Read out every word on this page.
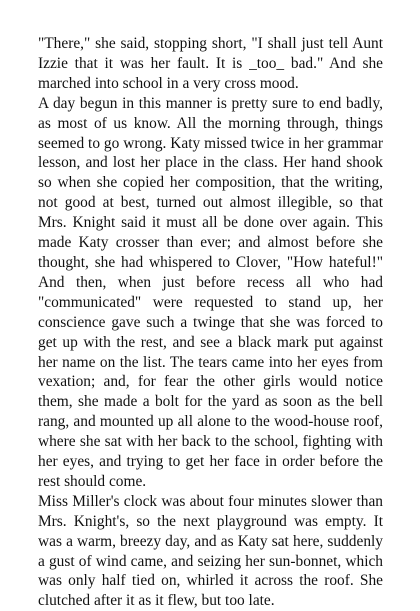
"There," she said, stopping short, "I shall just tell Aunt Izzie that it was her fault. It is _too_ bad." And she marched into school in a very cross mood.

A day begun in this manner is pretty sure to end badly, as most of us know. All the morning through, things seemed to go wrong. Katy missed twice in her grammar lesson, and lost her place in the class. Her hand shook so when she copied her composition, that the writing, not good at best, turned out almost illegible, so that Mrs. Knight said it must all be done over again. This made Katy crosser than ever; and almost before she thought, she had whispered to Clover, "How hateful!" And then, when just before recess all who had "communicated" were requested to stand up, her conscience gave such a twinge that she was forced to get up with the rest, and see a black mark put against her name on the list. The tears came into her eyes from vexation; and, for fear the other girls would notice them, she made a bolt for the yard as soon as the bell rang, and mounted up all alone to the wood-house roof, where she sat with her back to the school, fighting with her eyes, and trying to get her face in order before the rest should come.

Miss Miller's clock was about four minutes slower than Mrs. Knight's, so the next playground was empty. It was a warm, breezy day, and as Katy sat here, suddenly a gust of wind came, and seizing her sun-bonnet, which was only half tied on, whirled it across the roof. She clutched after it as it flew, but too late.
